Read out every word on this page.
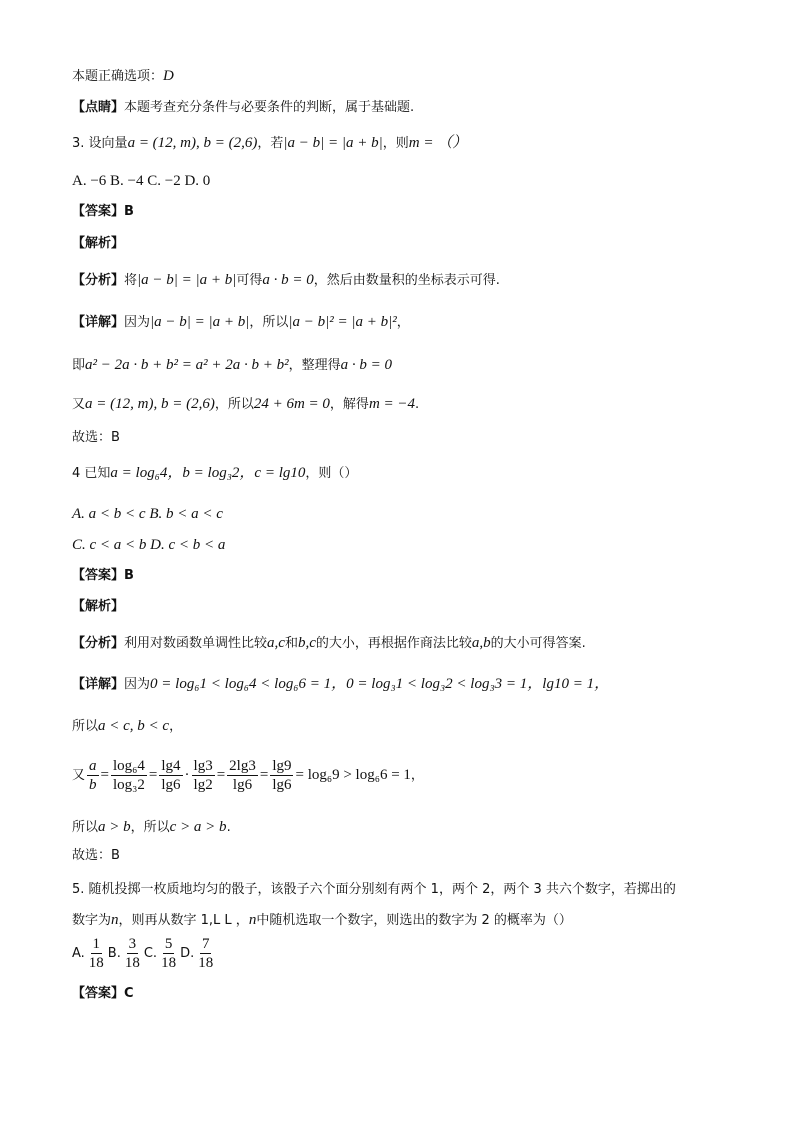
本题正确选项：D
【点睛】本题考查充分条件与必要条件的判断，属于基础题.
3. 设向量a = (12, m), b = (2,6)，若|a − b| = |a + b|，则m = （）
A. −6 B. −4 C. −2 D. 0
【答案】B
【解析】
【分析】将|a − b| = |a + b|可得a · b = 0，然后由数量积的坐标表示可得.
【详解】因为|a − b| = |a + b|，所以|a − b|² = |a + b|²，
即a² − 2a · b + b² = a² + 2a · b + b²，整理得a · b = 0
又a = (12, m), b = (2,6)，所以24 + 6m = 0，解得m = −4.
故选：B
4 已知a = log₆4，b = log₃2，c = lg10，则（）
A. a < b < c B. b < a < c
C. c < a < b D. c < b < a
【答案】B
【解析】
【分析】利用对数函数单调性比较a,c和b,c的大小，再根据作商法比较a,b的大小可得答案.
【详解】因为0 = log₆1 < log₆4 < log₆6 = 1，0 = log₃1 < log₃2 < log₃3 = 1，lg10 = 1，
所以a < c, b < c，
又 $\frac{a}{b} = \frac{\text{log₆4}}{\text{log₃2}} = \frac{\lg 4}{\lg 6} \cdot \frac{\lg 3}{\lg 2} = \frac{2\lg 3}{\lg 6} = \frac{\lg 9}{\lg 6} = \log_69 > \log_66 = 1$，
所以a > b，所以c > a > b.
故选：B
5. 随机投掷一枚质地均匀的骰子，该骰子六个面分别刻有两个 1，两个 2，两个 3 共六个数字，若掷出的
数字为n，则再从数字 1,L L ，n中随机选取一个数字，则选出的数字为 2 的概率为（）
A. $\frac{1}{18} B$. $\frac{3}{18} C$. $\frac{5}{18} D$. $\frac{7}{18}$
【答案】C
